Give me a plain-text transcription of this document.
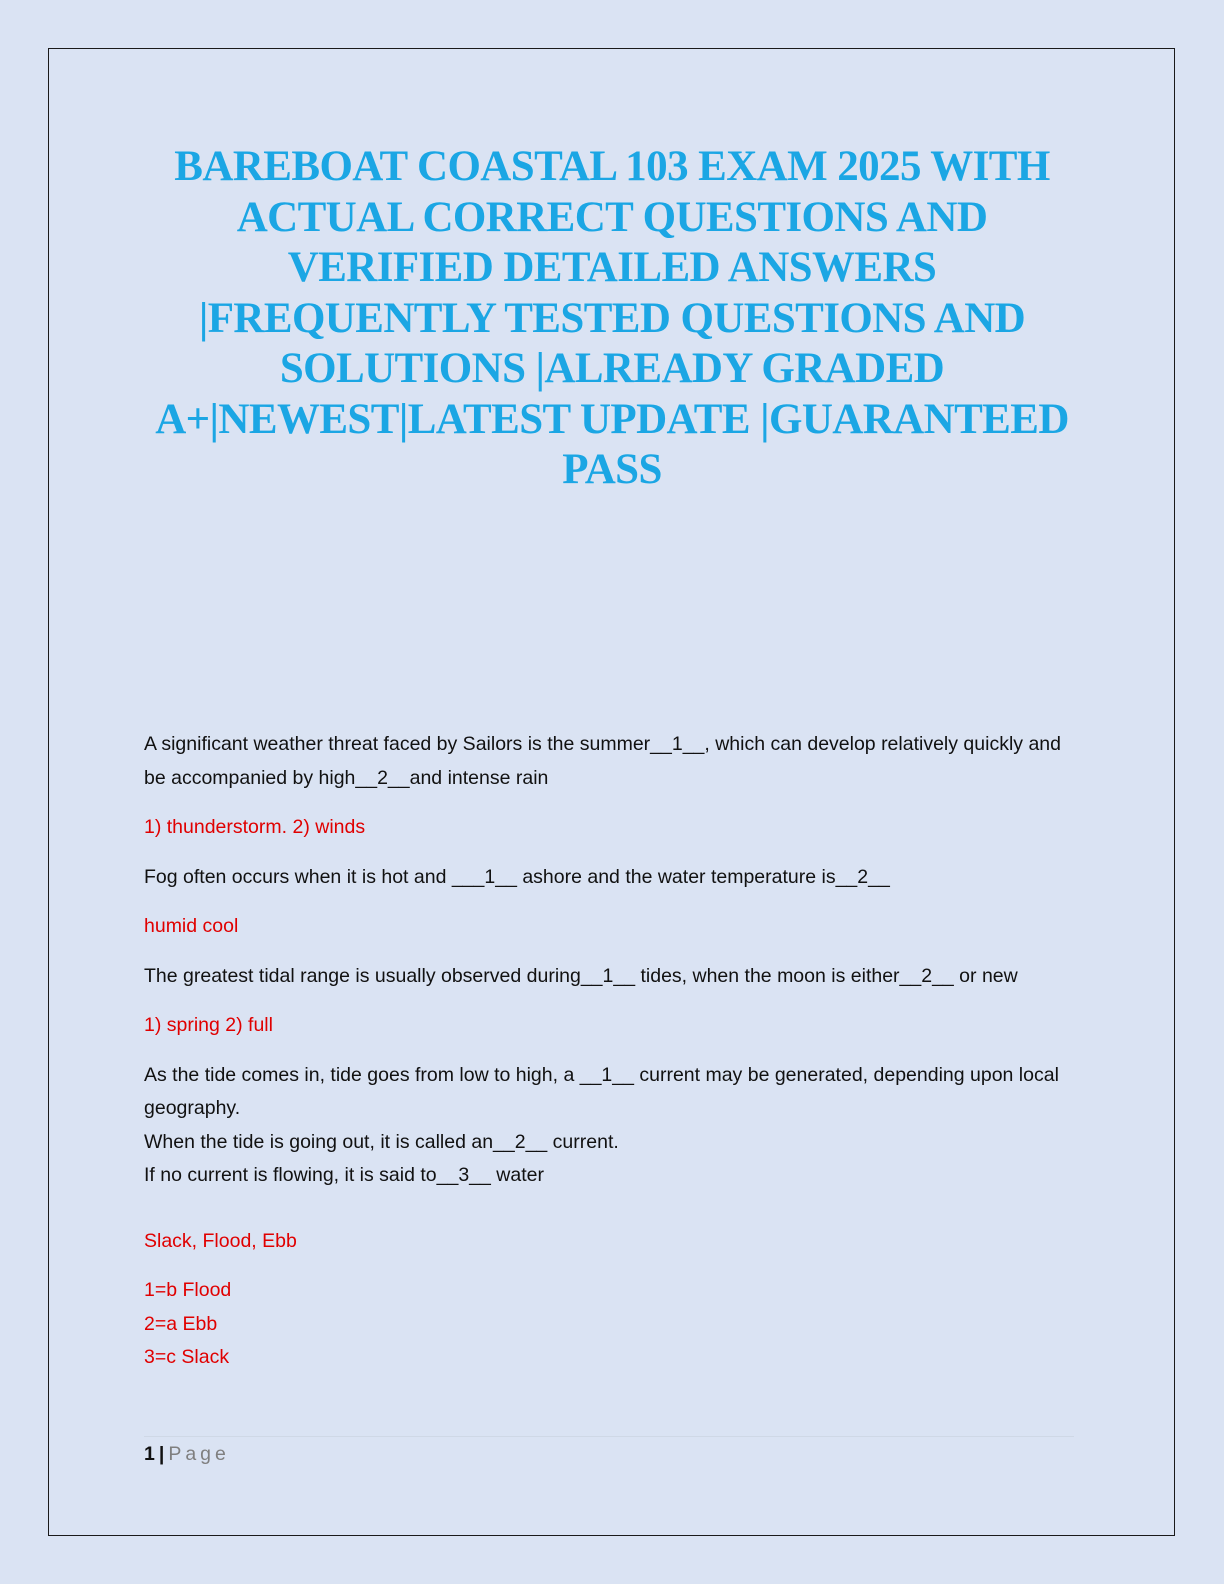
BAREBOAT COASTAL 103 EXAM 2025 WITH
ACTUAL CORRECT QUESTIONS AND
VERIFIED DETAILED ANSWERS
|FREQUENTLY TESTED QUESTIONS AND
SOLUTIONS |ALREADY GRADED
A+|NEWEST|LATEST UPDATE |GUARANTEED
PASS

A significant weather threat faced by Sailors is the summer__1__, which can develop relatively quickly and be accompanied by high__2__and intense rain

1) thunderstorm. 2) winds

Fog often occurs when it is hot and ___1__ ashore and the water temperature is__2__

humid cool

The greatest tidal range is usually observed during__1__ tides, when the moon is either__2__ or new

1) spring 2) full

As the tide comes in, tide goes from low to high, a __1__ current may be generated, depending upon local geography.
When the tide is going out, it is called an__2__ current.
If no current is flowing, it is said to__3__ water

Slack, Flood, Ebb

1=b Flood
2=a Ebb
3=c Slack

1 | Page
